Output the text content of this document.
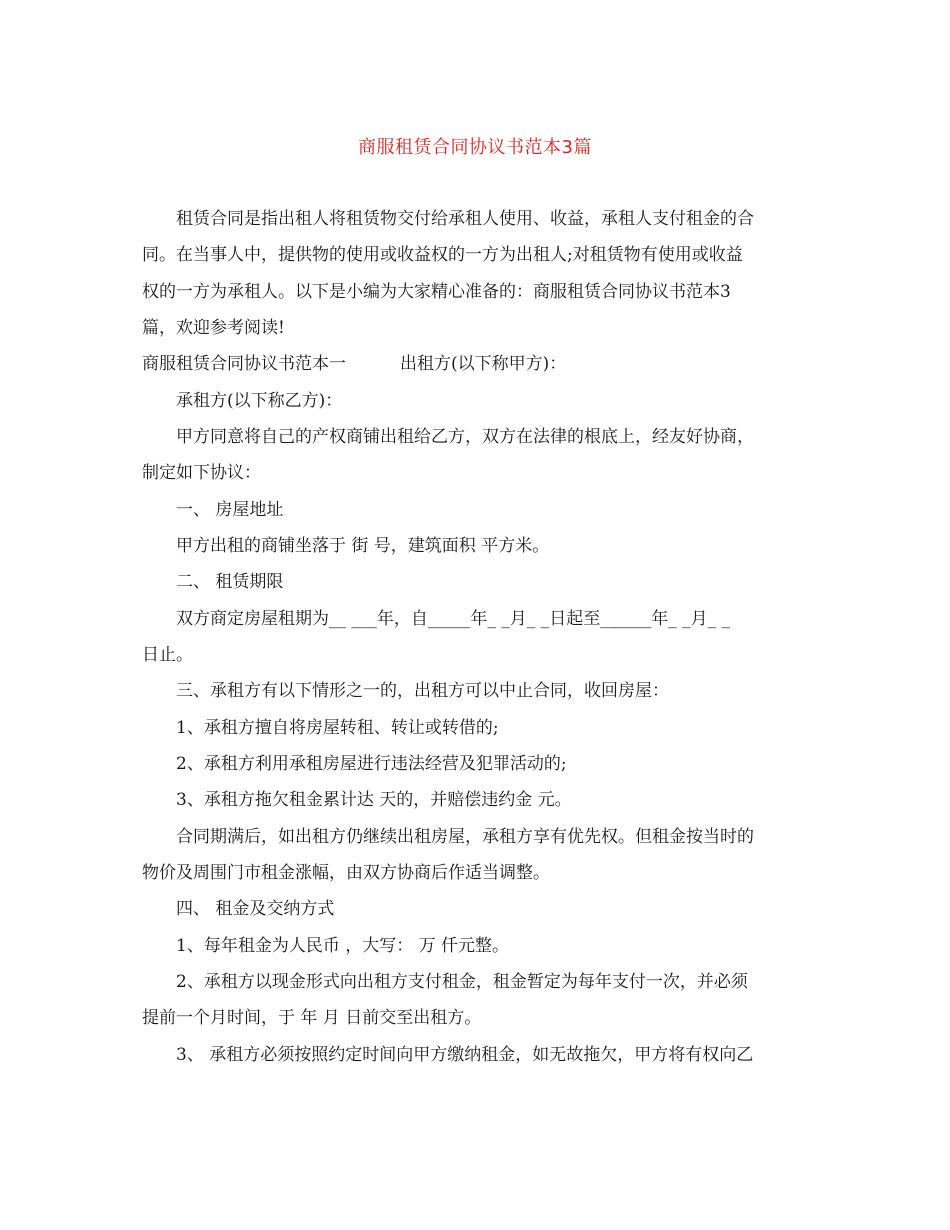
商服租赁合同协议书范本3篇
　　租赁合同是指出租人将租赁物交付给承租人使用、收益，承租人支付租金的合
同。在当事人中，提供物的使用或收益权的一方为出租人;对租赁物有使用或收益
权的一方为承租人。以下是小编为大家精心准备的：商服租赁合同协议书范本3
篇，欢迎参考阅读!
商服租赁合同协议书范本一	出租方(以下称甲方)：
　　承租方(以下称乙方)：
　　甲方同意将自己的产权商铺出租给乙方，双方在法律的根底上，经友好协商，
制定如下协议：
　　一、 房屋地址
　　甲方出租的商铺坐落于 街 号，建筑面积 平方米。
　　二、 租赁期限
　　双方商定房屋租期为__ ___年，自_____年_ _月_ _日起至______年_ _月_ _
日止。
　　三、承租方有以下情形之一的，出租方可以中止合同，收回房屋：
　　1、承租方擅自将房屋转租、转让或转借的;
　　2、承租方利用承租房屋进行违法经营及犯罪活动的;
　　3、承租方拖欠租金累计达 天的，并赔偿违约金 元。
　　合同期满后，如出租方仍继续出租房屋，承租方享有优先权。但租金按当时的
物价及周围门市租金涨幅，由双方协商后作适当调整。
　　四、 租金及交纳方式
　　1、每年租金为人民币 ，大写： 万 仟元整。
　　2、承租方以现金形式向出租方支付租金，租金暂定为每年支付一次，并必须
提前一个月时间，于 年 月 日前交至出租方。
　　3、 承租方必须按照约定时间向甲方缴纳租金，如无故拖欠，甲方将有权向乙
